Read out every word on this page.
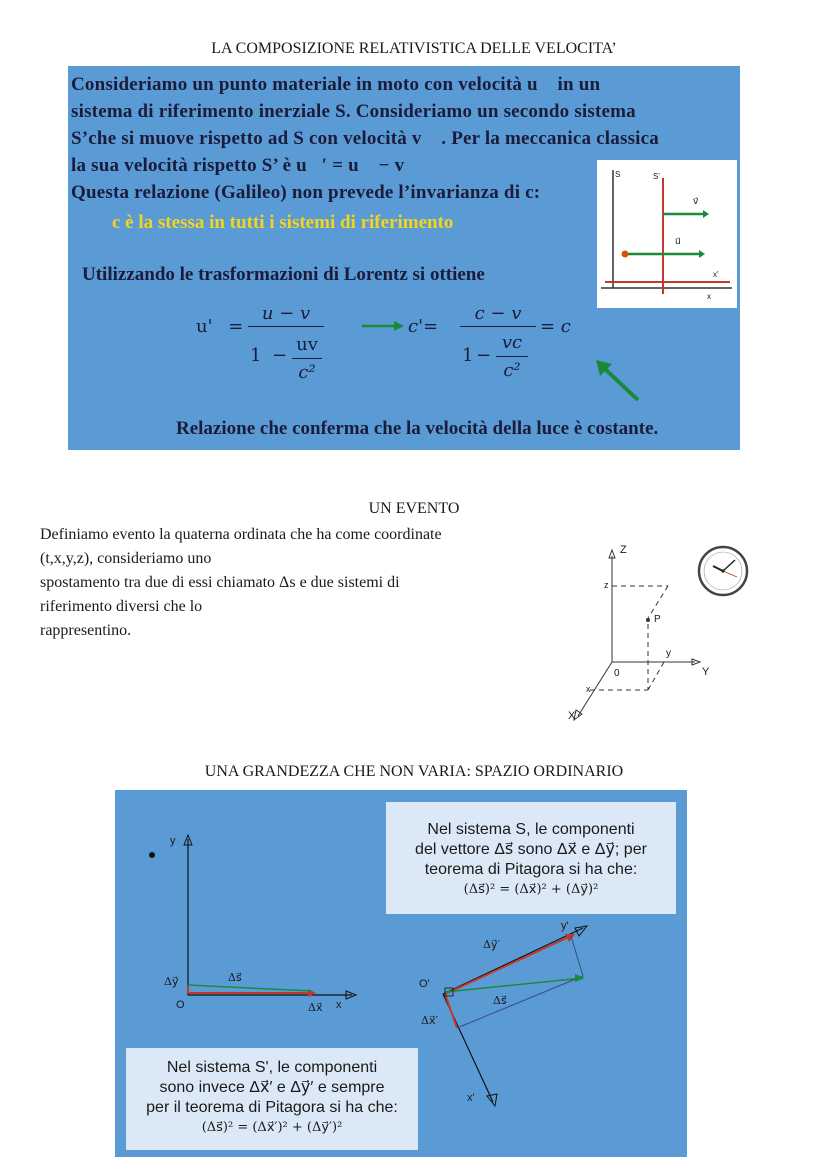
LA COMPOSIZIONE RELATIVISTICA DELLE VELOCITA’
Consideriamo un punto materiale in moto con velocità u⃗ in un
sistema di riferimento inerziale S. Consideriamo un secondo sistema
S’che si muove rispetto ad S con velocità v⃗ . Per la meccanica classica
la sua velocità rispetto S’ è u⃗′ = u⃗ − v⃗
Questa relazione (Galileo) non prevede l’invarianza di c:
c è la stessa in tutti i sistemi di riferimento
Utilizzando le trasformazioni di Lorentz si ottiene
S	S'
v⃗
u⃗
x'
x
u' =
u − v
1 −
uv
c²
c'=
c − v
1 −
vc
c²
= c
Relazione che conferma che la velocità della luce è costante.
UN EVENTO
Definiamo evento la quaterna ordinata che ha come coordinate
(t,x,y,z), consideriamo uno
spostamento tra due di essi chiamato Δs e due sistemi di
riferimento diversi che lo
rappresentino.
Z
z
P
y
Y
0
x
X
UNA GRANDEZZA CHE NON VARIA: SPAZIO ORDINARIO
Nel sistema S, le componenti
del vettore Δs⃗ sono Δx⃗ e Δy⃗; per
teorema di Pitagora si ha che:
(Δs⃗)² = (Δx⃗)² + (Δy⃗)²
Nel sistema S', le componenti
sono invece Δx⃗′ e Δy⃗′ e sempre
per il teorema di Pitagora si ha che:
(Δs⃗)² = (Δx⃗′)² + (Δy⃗′)²
y
Δy⃗	Δs⃗
O	Δx⃗ x
y'
Δy⃗′
O'
Δs⃗
Δx⃗′
x'
